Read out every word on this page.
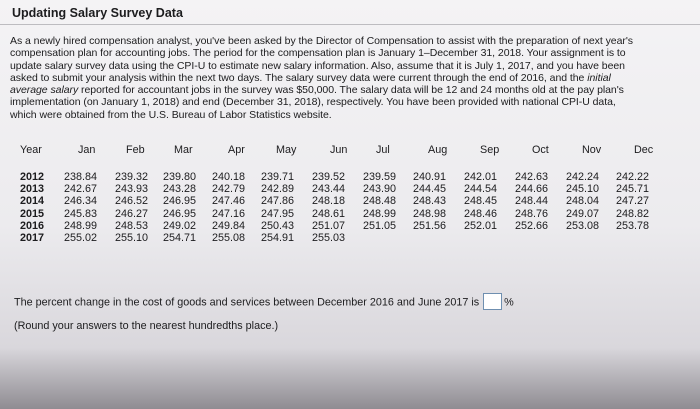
Updating Salary Survey Data
As a newly hired compensation analyst, you've been asked by the Director of Compensation to assist with the preparation of next year's
compensation plan for accounting jobs. The period for the compensation plan is January 1–December 31, 2018. Your assignment is to
update salary survey data using the CPI-U to estimate new salary information. Also, assume that it is July 1, 2017, and you have been
asked to submit your analysis within the next two days. The salary survey data were current through the end of 2016, and the initial
average salary reported for accountant jobs in the survey was $50,000. The salary data will be 12 and 24 months old at the pay plan's
implementation (on January 1, 2018) and end (December 31, 2018), respectively. You have been provided with national CPI-U data,
which were obtained from the U.S. Bureau of Labor Statistics website.
Year	Jan	Feb	Mar	Apr	May	Jun	Jul	Aug	Sep	Oct	Nov	Dec
2012 238.84 239.32 239.80 240.18 239.71 239.52 239.59 240.91 242.01 242.63 242.24 242.22
2013 242.67 243.93 243.28 242.79 242.89 243.44 243.90 244.45 244.54 244.66 245.10 245.71
2014 246.34 246.52 246.95 247.46 247.86 248.18 248.48 248.43 248.45 248.44 248.04 247.27
2015 245.83 246.27 246.95 247.16 247.95 248.61 248.99 248.98 248.46 248.76 249.07 248.82
2016 248.99 248.53 249.02 249.84 250.43 251.07 251.05 251.56 252.01 252.66 253.08 253.78
2017 255.02 255.10 254.71 255.08 254.91 255.03
The percent change in the cost of goods and services between December 2016 and June 2017 is %
(Round your answers to the nearest hundredths place.)
